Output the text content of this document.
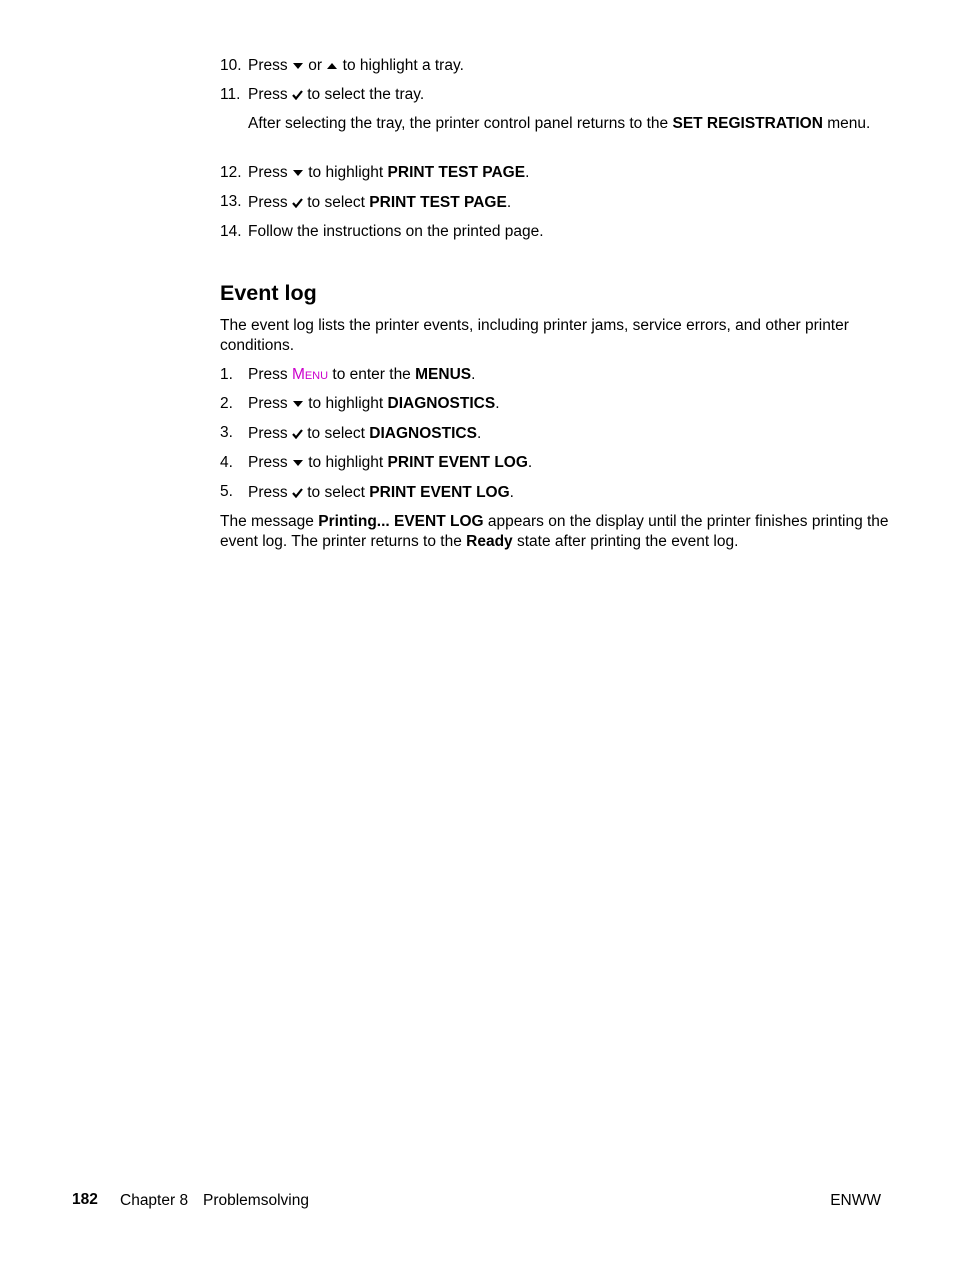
10. Press or to highlight a tray.
11. Press to select the tray.
After selecting the tray, the printer control panel returns to the SET REGISTRATION menu.
12. Press to highlight PRINT TEST PAGE.
13. Press to select PRINT TEST PAGE.
14. Follow the instructions on the printed page.
Event log
The event log lists the printer events, including printer jams, service errors, and other printer conditions.
1. Press Menu to enter the MENUS.
2. Press to highlight DIAGNOSTICS.
3. Press to select DIAGNOSTICS.
4. Press to highlight PRINT EVENT LOG.
5. Press to select PRINT EVENT LOG.
The message Printing... EVENT LOG appears on the display until the printer finishes printing the event log. The printer returns to the Ready state after printing the event log.
182 Chapter 8 Problemsolving	ENWW
